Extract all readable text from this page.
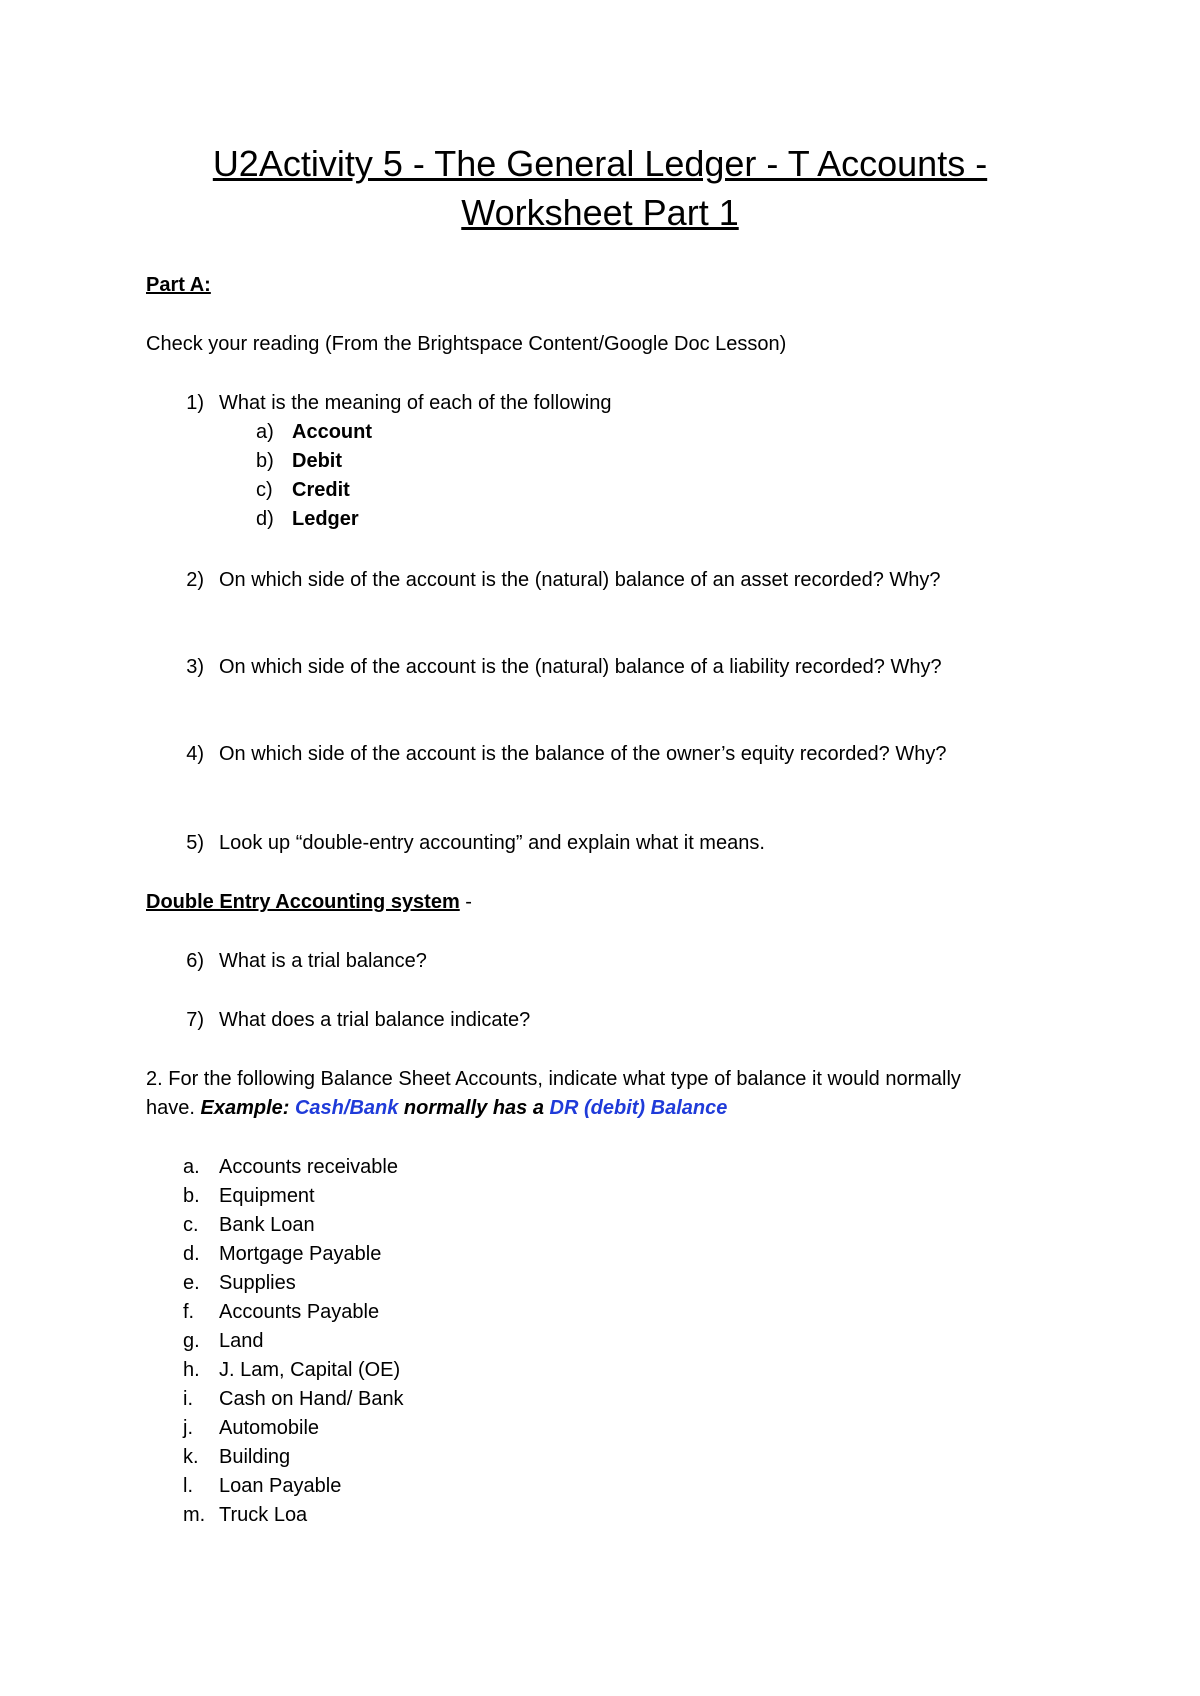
U2Activity 5 - The General Ledger - T Accounts -
Worksheet Part 1
Part A:
Check your reading (From the Brightspace Content/Google Doc Lesson)
1) What is the meaning of each of the following
a) Account
b) Debit
c) Credit
d) Ledger
2) On which side of the account is the (natural) balance of an asset recorded? Why?
3) On which side of the account is the (natural) balance of a liability recorded? Why?
4) On which side of the account is the balance of the owner’s equity recorded? Why?
5) Look up “double-entry accounting” and explain what it means.
Double Entry Accounting system -
6) What is a trial balance?
7) What does a trial balance indicate?
2. For the following Balance Sheet Accounts, indicate what type of balance it would normally
have. Example: Cash/Bank normally has a DR (debit) Balance
a. Accounts receivable
b. Equipment
c. Bank Loan
d. Mortgage Payable
e. Supplies
f. Accounts Payable
g. Land
h. J. Lam, Capital (OE)
i. Cash on Hand/ Bank
j. Automobile
k. Building
l. Loan Payable
m. Truck Loa
